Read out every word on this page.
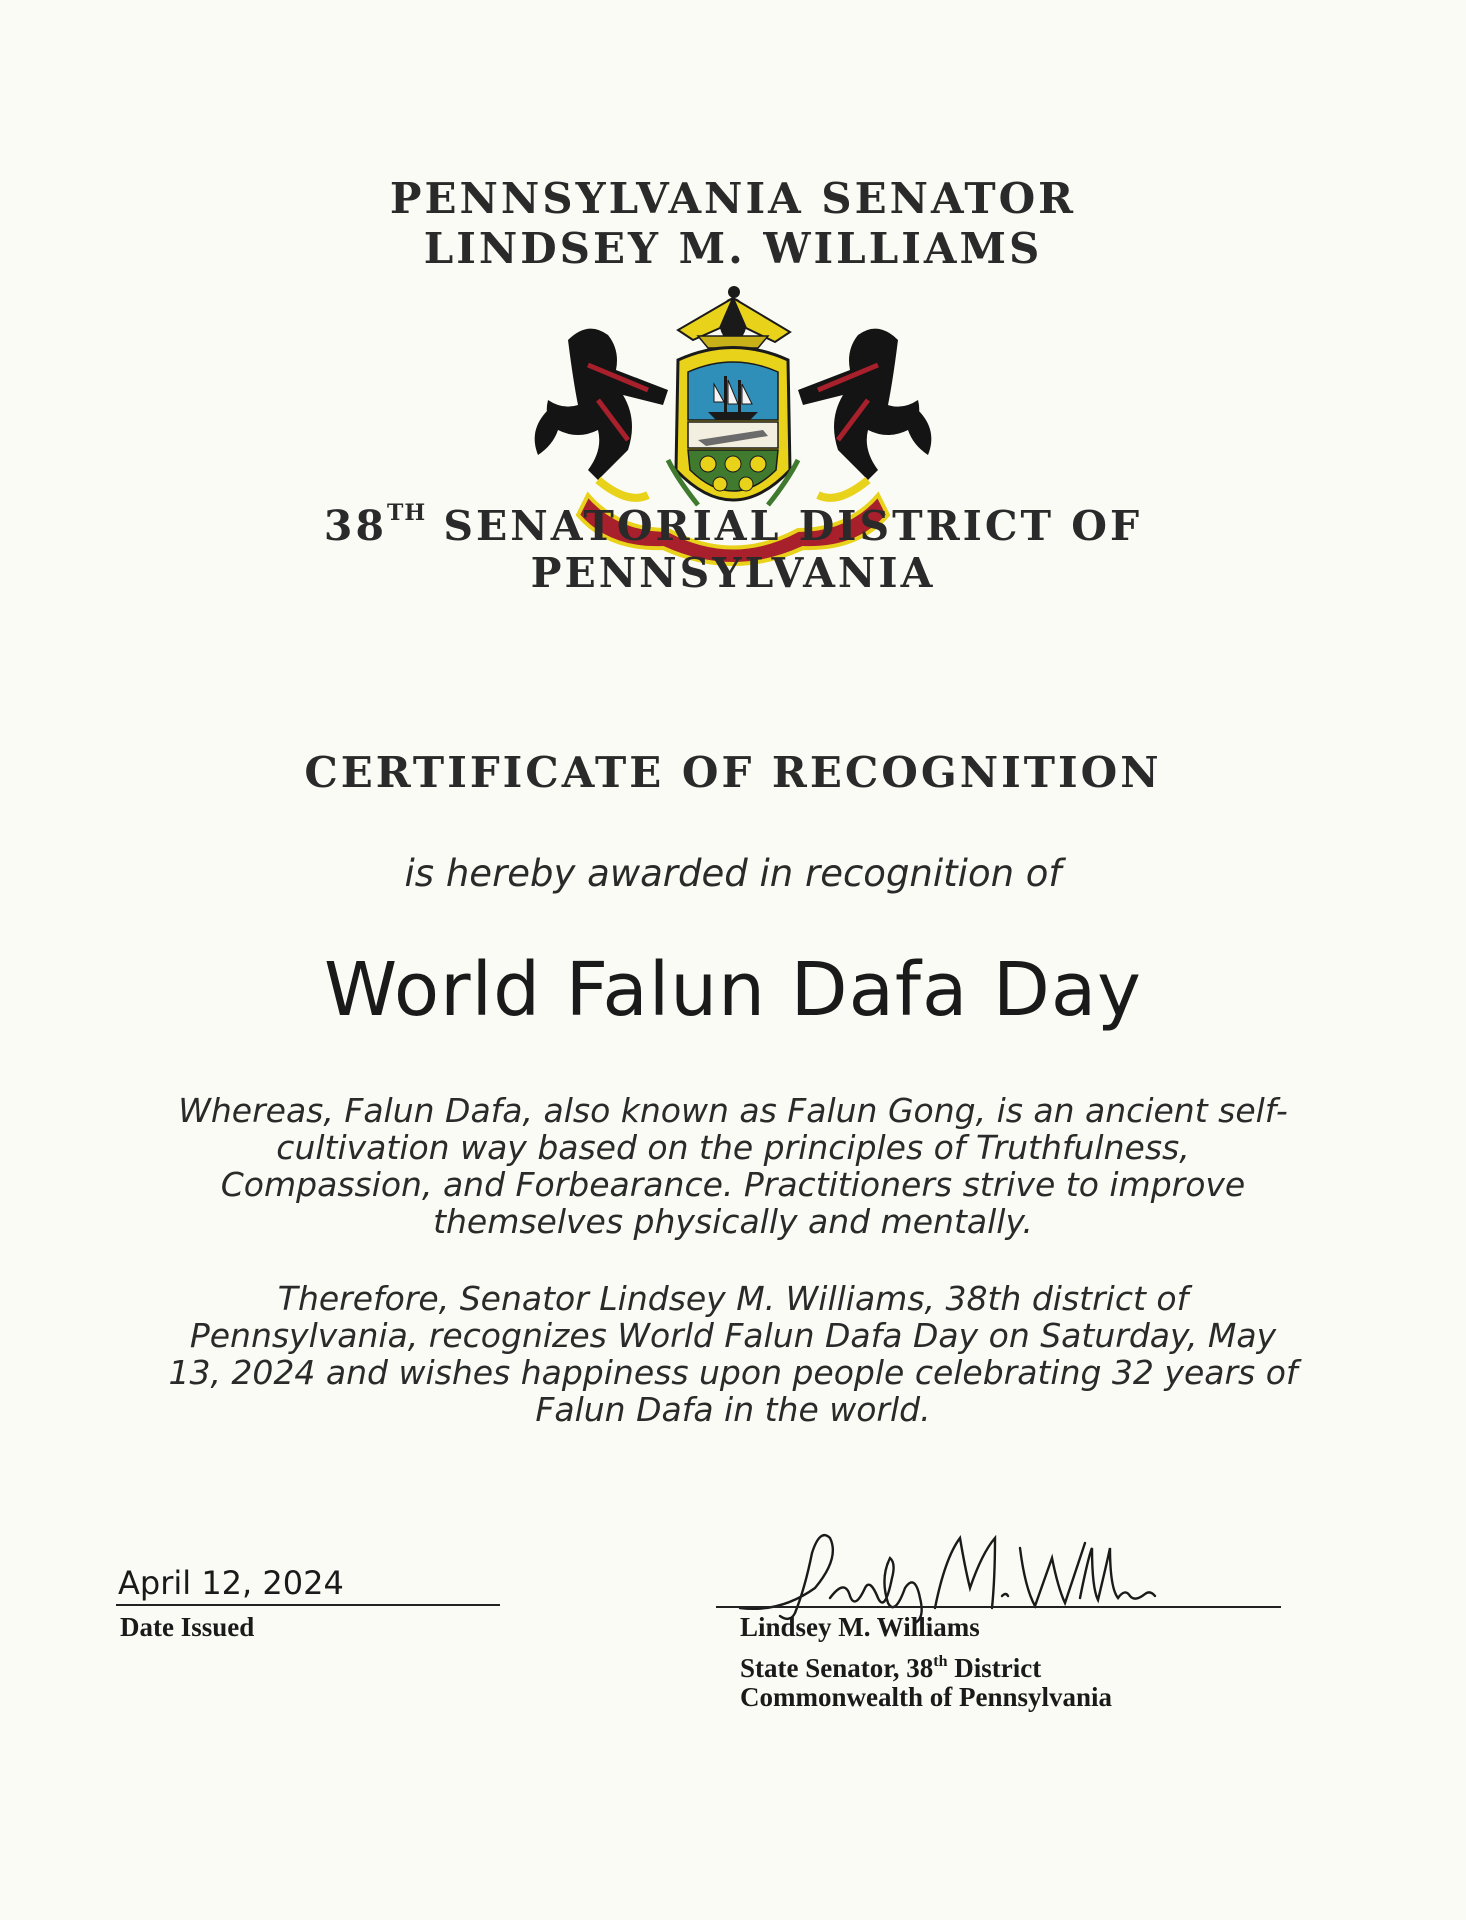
PENNSYLVANIA SENATOR
LINDSEY M. WILLIAMS
38TH SENATORIAL DISTRICT OF
PENNSYLVANIA
CERTIFICATE OF RECOGNITION
is hereby awarded in recognition of
World Falun Dafa Day
Whereas, Falun Dafa, also known as Falun Gong, is an ancient self-
cultivation way based on the principles of Truthfulness,
Compassion, and Forbearance. Practitioners strive to improve
themselves physically and mentally.
Therefore, Senator Lindsey M. Williams, 38th district of
Pennsylvania, recognizes World Falun Dafa Day on Saturday, May
13, 2024 and wishes happiness upon people celebrating 32 years of
Falun Dafa in the world.
April 12, 2024
Date Issued	Lindsey M. Williams
State Senator, 38th District
Commonwealth of Pennsylvania
